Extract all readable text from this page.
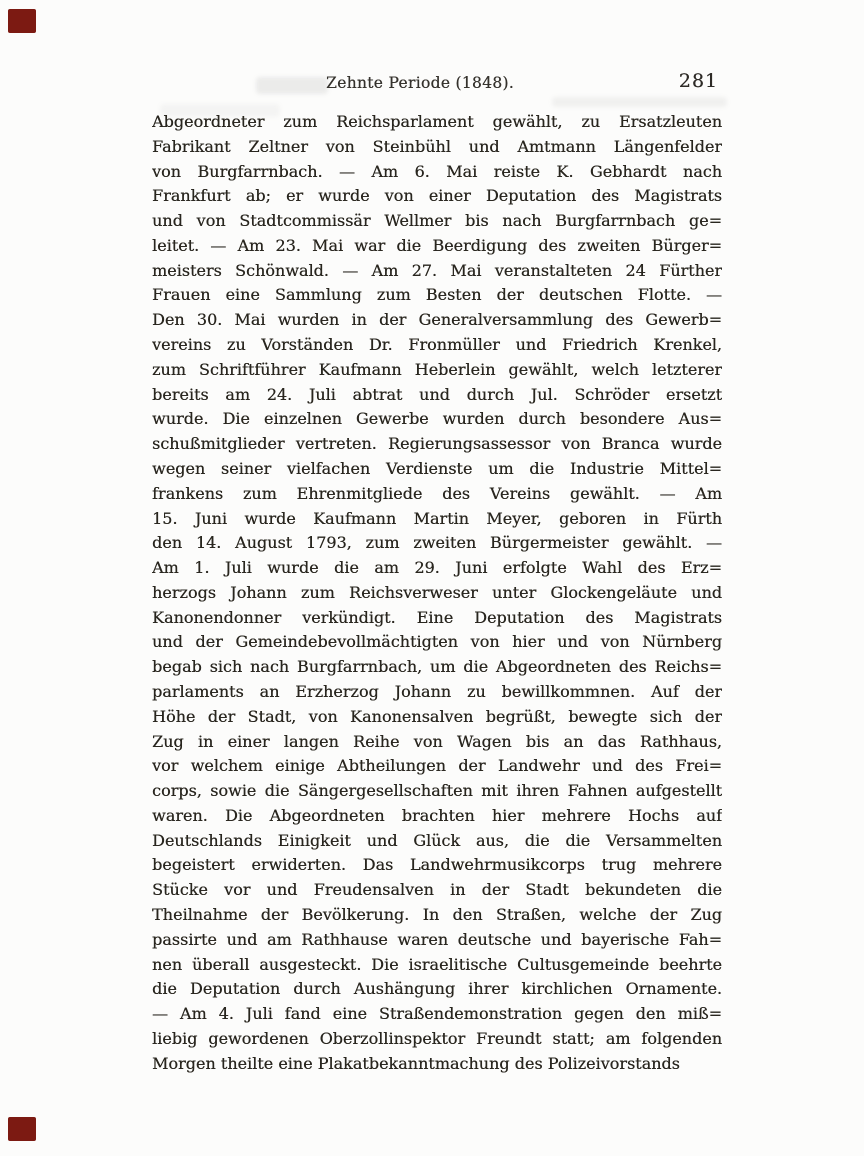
Zehnte Periode (1848).	281
Abgeordneter zum Reichsparlament gewählt, zu Ersatzleuten
Fabrikant Zeltner von Steinbühl und Amtmann Längenfelder
von Burgfarrnbach. — Am 6. Mai reiste K. Gebhardt nach
Frankfurt ab; er wurde von einer Deputation des Magistrats
und von Stadtcommissär Wellmer bis nach Burgfarrnbach ge=
leitet. — Am 23. Mai war die Beerdigung des zweiten Bürger=
meisters Schönwald. — Am 27. Mai veranstalteten 24 Fürther
Frauen eine Sammlung zum Besten der deutschen Flotte. —
Den 30. Mai wurden in der Generalversammlung des Gewerb=
vereins zu Vorständen Dr. Fronmüller und Friedrich Krenkel,
zum Schriftführer Kaufmann Heberlein gewählt, welch letzterer
bereits am 24. Juli abtrat und durch Jul. Schröder ersetzt
wurde. Die einzelnen Gewerbe wurden durch besondere Aus=
schußmitglieder vertreten. Regierungsassessor von Branca wurde
wegen seiner vielfachen Verdienste um die Industrie Mittel=
frankens zum Ehrenmitgliede des Vereins gewählt. — Am
15. Juni wurde Kaufmann Martin Meyer, geboren in Fürth
den 14. August 1793, zum zweiten Bürgermeister gewählt. —
Am 1. Juli wurde die am 29. Juni erfolgte Wahl des Erz=
herzogs Johann zum Reichsverweser unter Glockengeläute und
Kanonendonner verkündigt. Eine Deputation des Magistrats
und der Gemeindebevollmächtigten von hier und von Nürnberg
begab sich nach Burgfarrnbach, um die Abgeordneten des Reichs=
parlaments an Erzherzog Johann zu bewillkommnen. Auf der
Höhe der Stadt, von Kanonensalven begrüßt, bewegte sich der
Zug in einer langen Reihe von Wagen bis an das Rathhaus,
vor welchem einige Abtheilungen der Landwehr und des Frei=
corps, sowie die Sängergesellschaften mit ihren Fahnen aufgestellt
waren. Die Abgeordneten brachten hier mehrere Hochs auf
Deutschlands Einigkeit und Glück aus, die die Versammelten
begeistert erwiderten. Das Landwehrmusikcorps trug mehrere
Stücke vor und Freudensalven in der Stadt bekundeten die
Theilnahme der Bevölkerung. In den Straßen, welche der Zug
passirte und am Rathhause waren deutsche und bayerische Fah=
nen überall ausgesteckt. Die israelitische Cultusgemeinde beehrte
die Deputation durch Aushängung ihrer kirchlichen Ornamente.
— Am 4. Juli fand eine Straßendemonstration gegen den miß=
liebig gewordenen Oberzollinspektor Freundt statt; am folgenden
Morgen theilte eine Plakatbekanntmachung des Polizeivorstands
